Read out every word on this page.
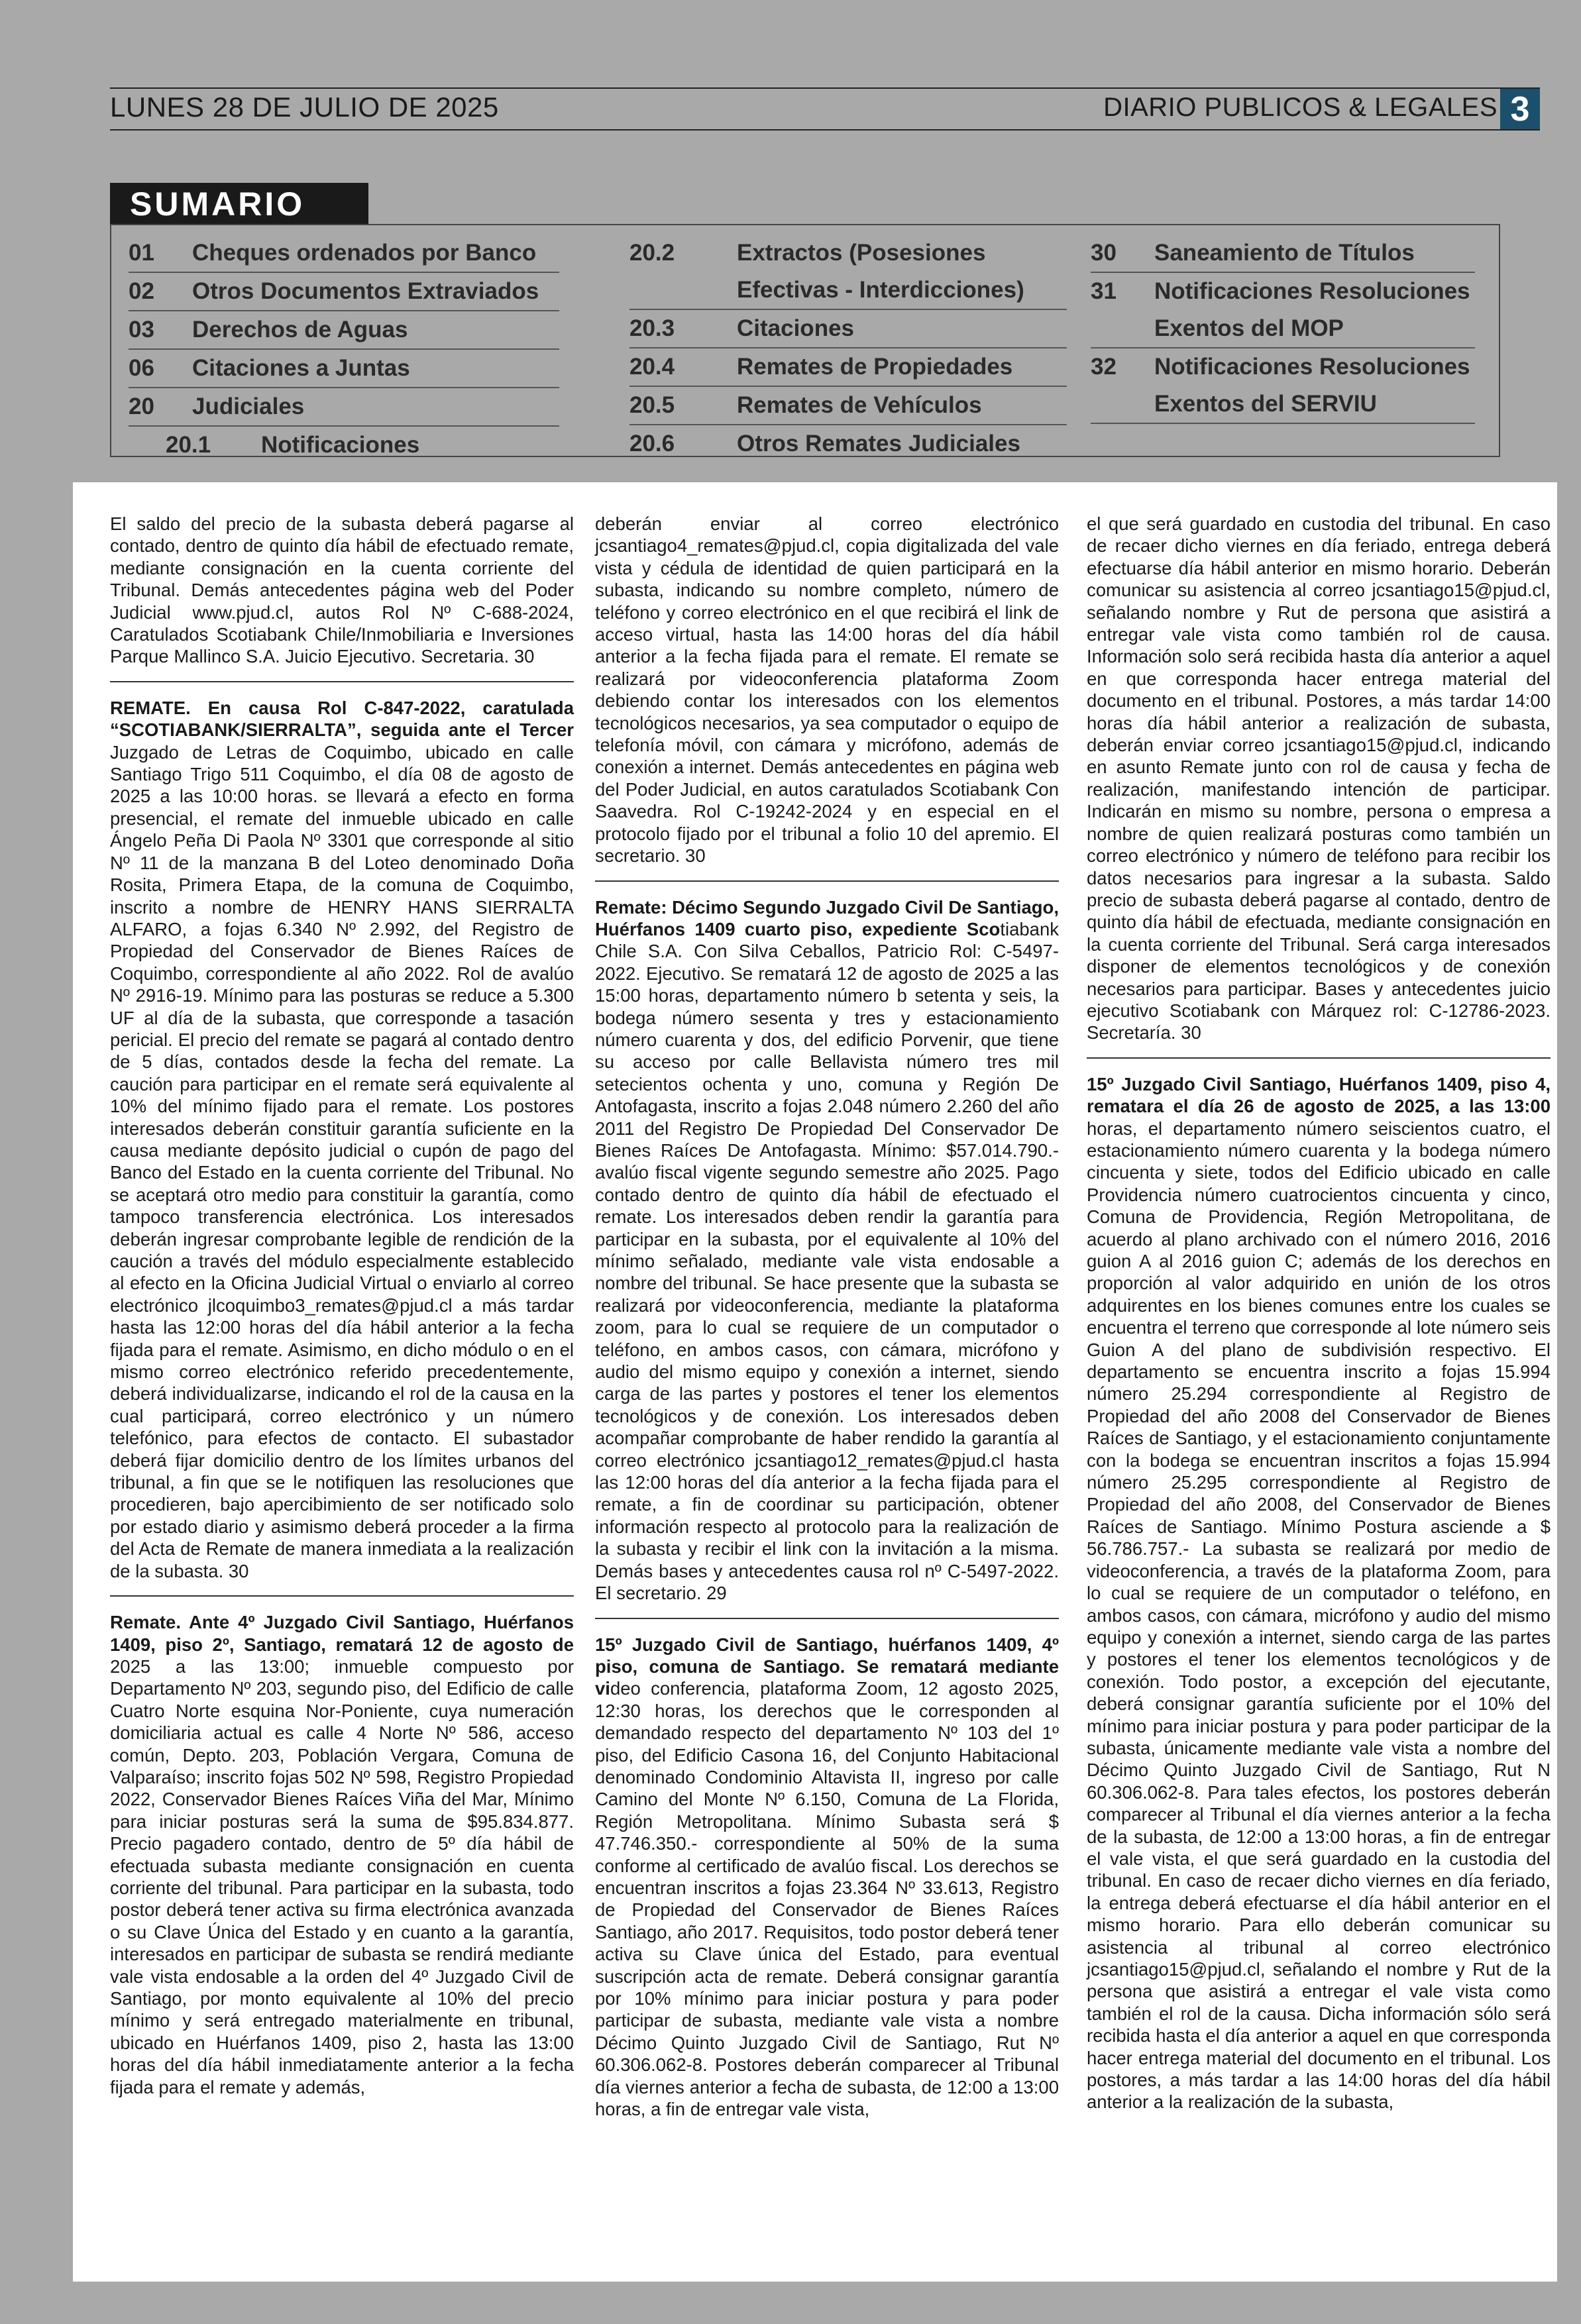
LUNES 28 DE JULIO DE 2025	DIARIO PUBLICOS & LEGALES 3
SUMARIO
01 Cheques ordenados por Banco
02 Otros Documentos Extraviados
03 Derechos de Aguas
06 Citaciones a Juntas
20 Judiciales
20.1 Notificaciones
20.2	Extractos (Posesiones
Efectivas - Interdicciones)
20.3	Citaciones
20.4	Remates de Propiedades
20.5	Remates de Vehículos
20.6	Otros Remates Judiciales
30 Saneamiento de Títulos
31 Notificaciones Resoluciones
Exentos del MOP
32 Notificaciones Resoluciones
Exentos del SERVIU

El saldo del precio de la subasta deberá pagarse al contado, dentro de quinto día hábil de efectuado remate, mediante consignación en la cuenta corriente del Tribunal. Demás antecedentes página web del Poder Judicial www.pjud.cl, autos Rol Nº C-688-2024, Caratulados Scotiabank Chile/Inmobiliaria e Inversiones Parque Mallinco S.A. Juicio Ejecutivo. Secretaria. 30

REMATE. En causa Rol C-847-2022, caratulada “SCOTIABANK/SIERRALTA”, seguida ante el Tercer Juzgado de Letras de Coquimbo, ubicado en calle Santiago Trigo 511 Coquimbo, el día 08 de agosto de 2025 a las 10:00 horas. se llevará a efecto en forma presencial, el remate del inmueble ubicado en calle Ángelo Peña Di Paola Nº 3301 que corresponde al sitio Nº 11 de la manzana B del Loteo denominado Doña Rosita, Primera Etapa, de la comuna de Coquimbo, inscrito a nombre de HENRY HANS SIERRALTA ALFARO, a fojas 6.340 Nº 2.992, del Registro de Propiedad del Conservador de Bienes Raíces de Coquimbo, correspondiente al año 2022. Rol de avalúo Nº 2916-19. Mínimo para las posturas se reduce a 5.300 UF al día de la subasta, que corresponde a tasación pericial. El precio del remate se pagará al contado dentro de 5 días, contados desde la fecha del remate. La caución para participar en el remate será equivalente al 10% del mínimo fijado para el remate. Los postores interesados deberán constituir garantía suficiente en la causa mediante depósito judicial o cupón de pago del Banco del Estado en la cuenta corriente del Tribunal. No se aceptará otro medio para constituir la garantía, como tampoco transferencia electrónica. Los interesados deberán ingresar comprobante legible de rendición de la caución a través del módulo especialmente establecido al efecto en la Oficina Judicial Virtual o enviarlo al correo electrónico jlcoquimbo3_remates@pjud.cl a más tardar hasta las 12:00 horas del día hábil anterior a la fecha fijada para el remate. Asimismo, en dicho módulo o en el mismo correo electrónico referido precedentemente, deberá individualizarse, indicando el rol de la causa en la cual participará, correo electrónico y un número telefónico, para efectos de contacto. El subastador deberá fijar domicilio dentro de los límites urbanos del tribunal, a fin que se le notifiquen las resoluciones que procedieren, bajo apercibimiento de ser notificado solo por estado diario y asimismo deberá proceder a la firma del Acta de Remate de manera inmediata a la realización de la subasta. 30

Remate. Ante 4º Juzgado Civil Santiago, Huérfanos 1409, piso 2º, Santiago, rematará 12 de agosto de 2025 a las 13:00; inmueble compuesto por Departamento Nº 203, segundo piso, del Edificio de calle Cuatro Norte esquina Nor-Poniente, cuya numeración domiciliaria actual es calle 4 Norte Nº 586, acceso común, Depto. 203, Población Vergara, Comuna de Valparaíso; inscrito fojas 502 Nº 598, Registro Propiedad 2022, Conservador Bienes Raíces Viña del Mar, Mínimo para iniciar posturas será la suma de $95.834.877. Precio pagadero contado, dentro de 5º día hábil de efectuada subasta mediante consignación en cuenta corriente del tribunal. Para participar en la subasta, todo postor deberá tener activa su firma electrónica avanzada o su Clave Única del Estado y en cuanto a la garantía, interesados en participar de subasta se rendirá mediante vale vista endosable a la orden del 4º Juzgado Civil de Santiago, por monto equivalente al 10% del precio mínimo y será entregado materialmente en tribunal, ubicado en Huérfanos 1409, piso 2, hasta las 13:00 horas del día hábil inmediatamente anterior a la fecha fijada para el remate y además,

deberán enviar al correo electrónico jcsantiago4_remates@pjud.cl, copia digitalizada del vale vista y cédula de identidad de quien participará en la subasta, indicando su nombre completo, número de teléfono y correo electrónico en el que recibirá el link de acceso virtual, hasta las 14:00 horas del día hábil anterior a la fecha fijada para el remate. El remate se realizará por videoconferencia plataforma Zoom debiendo contar los interesados con los elementos tecnológicos necesarios, ya sea computador o equipo de telefonía móvil, con cámara y micrófono, además de conexión a internet. Demás antecedentes en página web del Poder Judicial, en autos caratulados Scotiabank Con Saavedra. Rol C-19242-2024 y en especial en el protocolo fijado por el tribunal a folio 10 del apremio. El secretario. 30

Remate: Décimo Segundo Juzgado Civil De Santiago, Huérfanos 1409 cuarto piso, expediente Scotiabank Chile S.A. Con Silva Ceballos, Patricio Rol: C-5497-2022. Ejecutivo. Se rematará 12 de agosto de 2025 a las 15:00 horas, departamento número b setenta y seis, la bodega número sesenta y tres y estacionamiento número cuarenta y dos, del edificio Porvenir, que tiene su acceso por calle Bellavista número tres mil setecientos ochenta y uno, comuna y Región De Antofagasta, inscrito a fojas 2.048 número 2.260 del año 2011 del Registro De Propiedad Del Conservador De Bienes Raíces De Antofagasta. Mínimo: $57.014.790.- avalúo fiscal vigente segundo semestre año 2025. Pago contado dentro de quinto día hábil de efectuado el remate. Los interesados deben rendir la garantía para participar en la subasta, por el equivalente al 10% del mínimo señalado, mediante vale vista endosable a nombre del tribunal. Se hace presente que la subasta se realizará por videoconferencia, mediante la plataforma zoom, para lo cual se requiere de un computador o teléfono, en ambos casos, con cámara, micrófono y audio del mismo equipo y conexión a internet, siendo carga de las partes y postores el tener los elementos tecnológicos y de conexión. Los interesados deben acompañar comprobante de haber rendido la garantía al correo electrónico jcsantiago12_remates@pjud.cl hasta las 12:00 horas del día anterior a la fecha fijada para el remate, a fin de coordinar su participación, obtener información respecto al protocolo para la realización de la subasta y recibir el link con la invitación a la misma. Demás bases y antecedentes causa rol nº C-5497-2022. El secretario. 29

15º Juzgado Civil de Santiago, huérfanos 1409, 4º piso, comuna de Santiago. Se rematará mediante video conferencia, plataforma Zoom, 12 agosto 2025, 12:30 horas, los derechos que le corresponden al demandado respecto del departamento Nº 103 del 1º piso, del Edificio Casona 16, del Conjunto Habitacional denominado Condominio Altavista II, ingreso por calle Camino del Monte Nº 6.150, Comuna de La Florida, Región Metropolitana. Mínimo Subasta será $ 47.746.350.- correspondiente al 50% de la suma conforme al certificado de avalúo fiscal. Los derechos se encuentran inscritos a fojas 23.364 Nº 33.613, Registro de Propiedad del Conservador de Bienes Raíces Santiago, año 2017. Requisitos, todo postor deberá tener activa su Clave única del Estado, para eventual suscripción acta de remate. Deberá consignar garantía por 10% mínimo para iniciar postura y para poder participar de subasta, mediante vale vista a nombre Décimo Quinto Juzgado Civil de Santiago, Rut Nº 60.306.062-8. Postores deberán comparecer al Tribunal día viernes anterior a fecha de subasta, de 12:00 a 13:00 horas, a fin de entregar vale vista,

el que será guardado en custodia del tribunal. En caso de recaer dicho viernes en día feriado, entrega deberá efectuarse día hábil anterior en mismo horario. Deberán comunicar su asistencia al correo jcsantiago15@pjud.cl, señalando nombre y Rut de persona que asistirá a entregar vale vista como también rol de causa. Información solo será recibida hasta día anterior a aquel en que corresponda hacer entrega material del documento en el tribunal. Postores, a más tardar 14:00 horas día hábil anterior a realización de subasta, deberán enviar correo jcsantiago15@pjud.cl, indicando en asunto Remate junto con rol de causa y fecha de realización, manifestando intención de participar. Indicarán en mismo su nombre, persona o empresa a nombre de quien realizará posturas como también un correo electrónico y número de teléfono para recibir los datos necesarios para ingresar a la subasta. Saldo precio de subasta deberá pagarse al contado, dentro de quinto día hábil de efectuada, mediante consignación en la cuenta corriente del Tribunal. Será carga interesados disponer de elementos tecnológicos y de conexión necesarios para participar. Bases y antecedentes juicio ejecutivo Scotiabank con Márquez rol: C-12786-2023. Secretaría. 30

15º Juzgado Civil Santiago, Huérfanos 1409, piso 4, rematara el día 26 de agosto de 2025, a las 13:00 horas, el departamento número seiscientos cuatro, el estacionamiento número cuarenta y la bodega número cincuenta y siete, todos del Edificio ubicado en calle Providencia número cuatrocientos cincuenta y cinco, Comuna de Providencia, Región Metropolitana, de acuerdo al plano archivado con el número 2016, 2016 guion A al 2016 guion C; además de los derechos en proporción al valor adquirido en unión de los otros adquirentes en los bienes comunes entre los cuales se encuentra el terreno que corresponde al lote número seis Guion A del plano de subdivisión respectivo. El departamento se encuentra inscrito a fojas 15.994 número 25.294 correspondiente al Registro de Propiedad del año 2008 del Conservador de Bienes Raíces de Santiago, y el estacionamiento conjuntamente con la bodega se encuentran inscritos a fojas 15.994 número 25.295 correspondiente al Registro de Propiedad del año 2008, del Conservador de Bienes Raíces de Santiago. Mínimo Postura asciende a $ 56.786.757.- La subasta se realizará por medio de videoconferencia, a través de la plataforma Zoom, para lo cual se requiere de un computador o teléfono, en ambos casos, con cámara, micrófono y audio del mismo equipo y conexión a internet, siendo carga de las partes y postores el tener los elementos tecnológicos y de conexión. Todo postor, a excepción del ejecutante, deberá consignar garantía suficiente por el 10% del mínimo para iniciar postura y para poder participar de la subasta, únicamente mediante vale vista a nombre del Décimo Quinto Juzgado Civil de Santiago, Rut N 60.306.062-8. Para tales efectos, los postores deberán comparecer al Tribunal el día viernes anterior a la fecha de la subasta, de 12:00 a 13:00 horas, a fin de entregar el vale vista, el que será guardado en la custodia del tribunal. En caso de recaer dicho viernes en día feriado, la entrega deberá efectuarse el día hábil anterior en el mismo horario. Para ello deberán comunicar su asistencia al tribunal al correo electrónico jcsantiago15@pjud.cl, señalando el nombre y Rut de la persona que asistirá a entregar el vale vista como también el rol de la causa. Dicha información sólo será recibida hasta el día anterior a aquel en que corresponda hacer entrega material del documento en el tribunal. Los postores, a más tardar a las 14:00 horas del día hábil anterior a la realización de la subasta,
